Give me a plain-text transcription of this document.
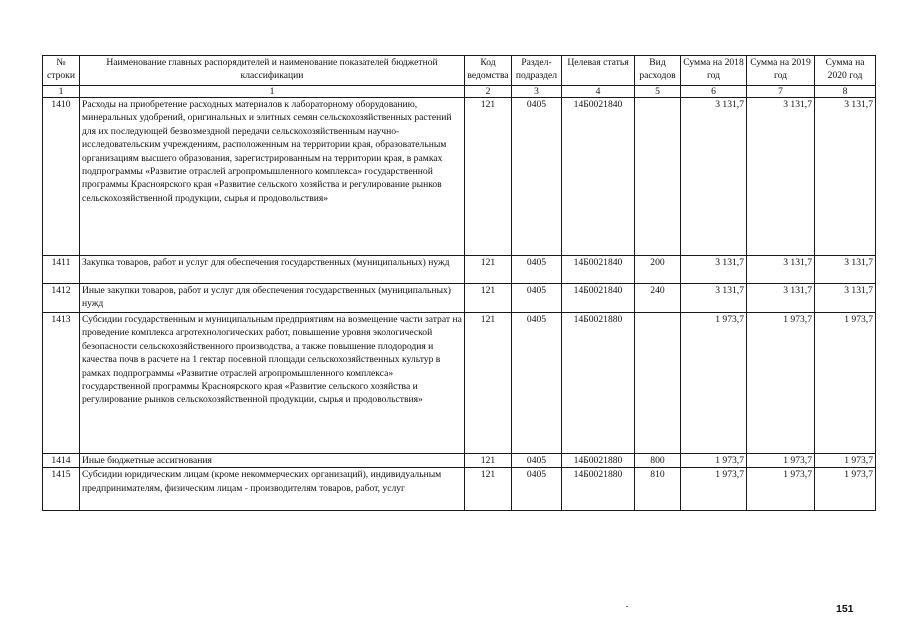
№ строки	Наименование главных распорядителей и наименование показателей бюджетной классификации	Код ведомства	Раздел-подраздел	Целевая статья	Вид расходов	Сумма на 2018 год	Сумма на 2019 год	Сумма на 2020 год
1	1	2	3	4	5	6	7	8
1410	Расходы на приобретение расходных материалов к лабораторному оборудованию, минеральных удобрений, оригинальных и элитных семян сельскохозяйственных растений для их последующей безвозмездной передачи сельскохозяйственным научно-исследовательским учреждениям, расположенным на территории края, образовательным организациям высшего образования, зарегистрированным на территории края, в рамках подпрограммы «Развитие отраслей агропромышленного комплекса» государственной программы Красноярского края «Развитие сельского хозяйства и регулирование рынков сельскохозяйственной продукции, сырья и продовольствия»	121	0405	14Б0021840		3 131,7	3 131,7	3 131,7
1411	Закупка товаров, работ и услуг для обеспечения государственных (муниципальных) нужд	121	0405	14Б0021840	200	3 131,7	3 131,7	3 131,7
1412	Иные закупки товаров, работ и услуг для обеспечения государственных (муниципальных) нужд	121	0405	14Б0021840	240	3 131,7	3 131,7	3 131,7
1413	Субсидии государственным и муниципальным предприятиям на возмещение части затрат на проведение комплекса агротехнологических работ, повышение уровня экологической безопасности сельскохозяйственного производства, а также повышение плодородия и качества почв в расчете на 1 гектар посевной площади сельскохозяйственных культур в рамках подпрограммы «Развитие отраслей агропромышленного комплекса» государственной программы Красноярского края «Развитие сельского хозяйства и регулирование рынков сельскохозяйственной продукции, сырья и продовольствия»	121	0405	14Б0021880		1 973,7	1 973,7	1 973,7
1414	Иные бюджетные ассигнования	121	0405	14Б0021880	800	1 973,7	1 973,7	1 973,7
1415	Субсидии юридическим лицам (кроме некоммерческих организаций), индивидуальным предпринимателям, физическим лицам - производителям товаров, работ, услуг	121	0405	14Б0021880	810	1 973,7	1 973,7	1 973,7
151
